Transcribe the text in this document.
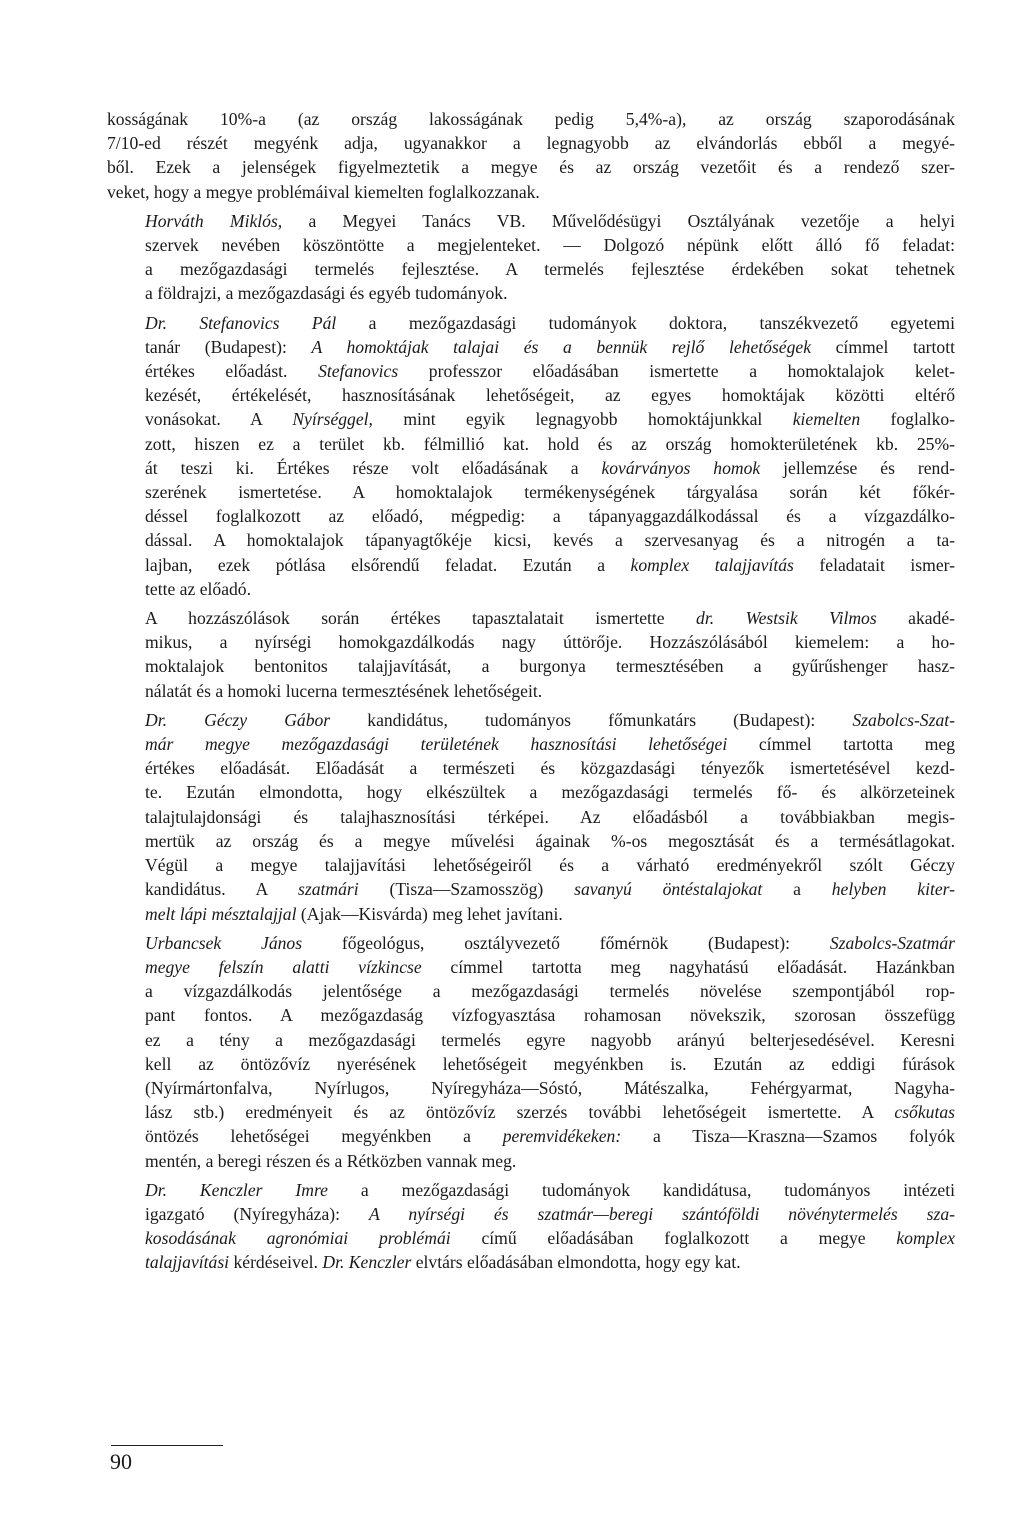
kosságának 10%-a (az ország lakosságának pedig 5,4%-a), az ország szaporodásának
7/10-ed részét megyénk adja, ugyanakkor a legnagyobb az elvándorlás ebből a megyé-
ből. Ezek a jelenségek figyelmeztetik a megye és az ország vezetőit és a rendező szer-
veket, hogy a megye problémáival kiemelten foglalkozzanak.

Horváth Miklós, a Megyei Tanács VB. Művelődésügyi Osztályának vezetője a helyi
szervek nevében köszöntötte a megjelenteket. — Dolgozó népünk előtt álló fő feladat:
a mezőgazdasági termelés fejlesztése. A termelés fejlesztése érdekében sokat tehetnek
a földrajzi, a mezőgazdasági és egyéb tudományok.

Dr. Stefanovics Pál a mezőgazdasági tudományok doktora, tanszékvezető egyetemi
tanár (Budapest): A homoktájak talajai és a bennük rejlő lehetőségek címmel tartott
értékes előadást. Stefanovics professzor előadásában ismertette a homoktalajok kelet-
kezését, értékelését, hasznosításának lehetőségeit, az egyes homoktájak közötti eltérő
vonásokat. A Nyírséggel, mint egyik legnagyobb homoktájunkkal kiemelten foglalko-
zott, hiszen ez a terület kb. félmillió kat. hold és az ország homokterületének kb. 25%-
át teszi ki. Értékes része volt előadásának a kovárványos homok jellemzése és rend-
szerének ismertetése. A homoktalajok termékenységének tárgyalása során két főkér-
déssel foglalkozott az előadó, mégpedig: a tápanyaggazdálkodással és a vízgazdálko-
dással. A homoktalajok tápanyagtőkéje kicsi, kevés a szervesanyag és a nitrogén a ta-
lajban, ezek pótlása elsőrendű feladat. Ezután a komplex talajjavítás feladatait ismer-
tette az előadó.

A hozzászólások során értékes tapasztalatait ismertette dr. Westsik Vilmos akadé-
mikus, a nyírségi homokgazdálkodás nagy úttörője. Hozzászólásából kiemelem: a ho-
moktalajok bentonitos talajjavítását, a burgonya termesztésében a gyűrűshenger hasz-
nálatát és a homoki lucerna termesztésének lehetőségeit.

Dr. Géczy Gábor kandidátus, tudományos főmunkatárs (Budapest): Szabolcs-Szat-
már megye mezőgazdasági területének hasznosítási lehetőségei címmel tartotta meg
értékes előadását. Előadását a természeti és közgazdasági tényezők ismertetésével kezd-
te. Ezután elmondotta, hogy elkészültek a mezőgazdasági termelés fő- és alkörzeteinek
talajtulajdonsági és talajhasznosítási térképei. Az előadásból a továbbiakban megis-
mertük az ország és a megye művelési ágainak %-os megosztását és a termésátlagokat.
Végül a megye talajjavítási lehetőségeiről és a várható eredményekről szólt Géczy
kandidátus. A szatmári (Tisza—Szamosszög) savanyú öntéstalajokat a helyben kiter-
melt lápi mésztalajjal (Ajak—Kisvárda) meg lehet javítani.

Urbancsek János főgeológus, osztályvezető főmérnök (Budapest): Szabolcs-Szatmár
megye felszín alatti vízkincse címmel tartotta meg nagyhatású előadását. Hazánkban
a vízgazdálkodás jelentősége a mezőgazdasági termelés növelése szempontjából rop-
pant fontos. A mezőgazdaság vízfogyasztása rohamosan növekszik, szorosan összefügg
ez a tény a mezőgazdasági termelés egyre nagyobb arányú belterjesedésével. Keresni
kell az öntözővíz nyerésének lehetőségeit megyénkben is. Ezután az eddigi fúrások
(Nyírmártonfalva, Nyírlugos, Nyíregyháza—Sóstó, Mátészalka, Fehérgyarmat, Nagyha-
lász stb.) eredményeit és az öntözővíz szerzés további lehetőségeit ismertette. A csőkutas
öntözés lehetőségei megyénkben a peremvidékeken: a Tisza—Kraszna—Szamos folyók
mentén, a beregi részen és a Rétközben vannak meg.

Dr. Kenczler Imre a mezőgazdasági tudományok kandidátusa, tudományos intézeti
igazgató (Nyíregyháza): A nyírségi és szatmár—beregi szántóföldi növénytermelés sza-
kosodásának agronómiai problémái című előadásában foglalkozott a megye komplex
talajjavítási kérdéseivel. Dr. Kenczler elvtárs előadásában elmondotta, hogy egy kat.

90
